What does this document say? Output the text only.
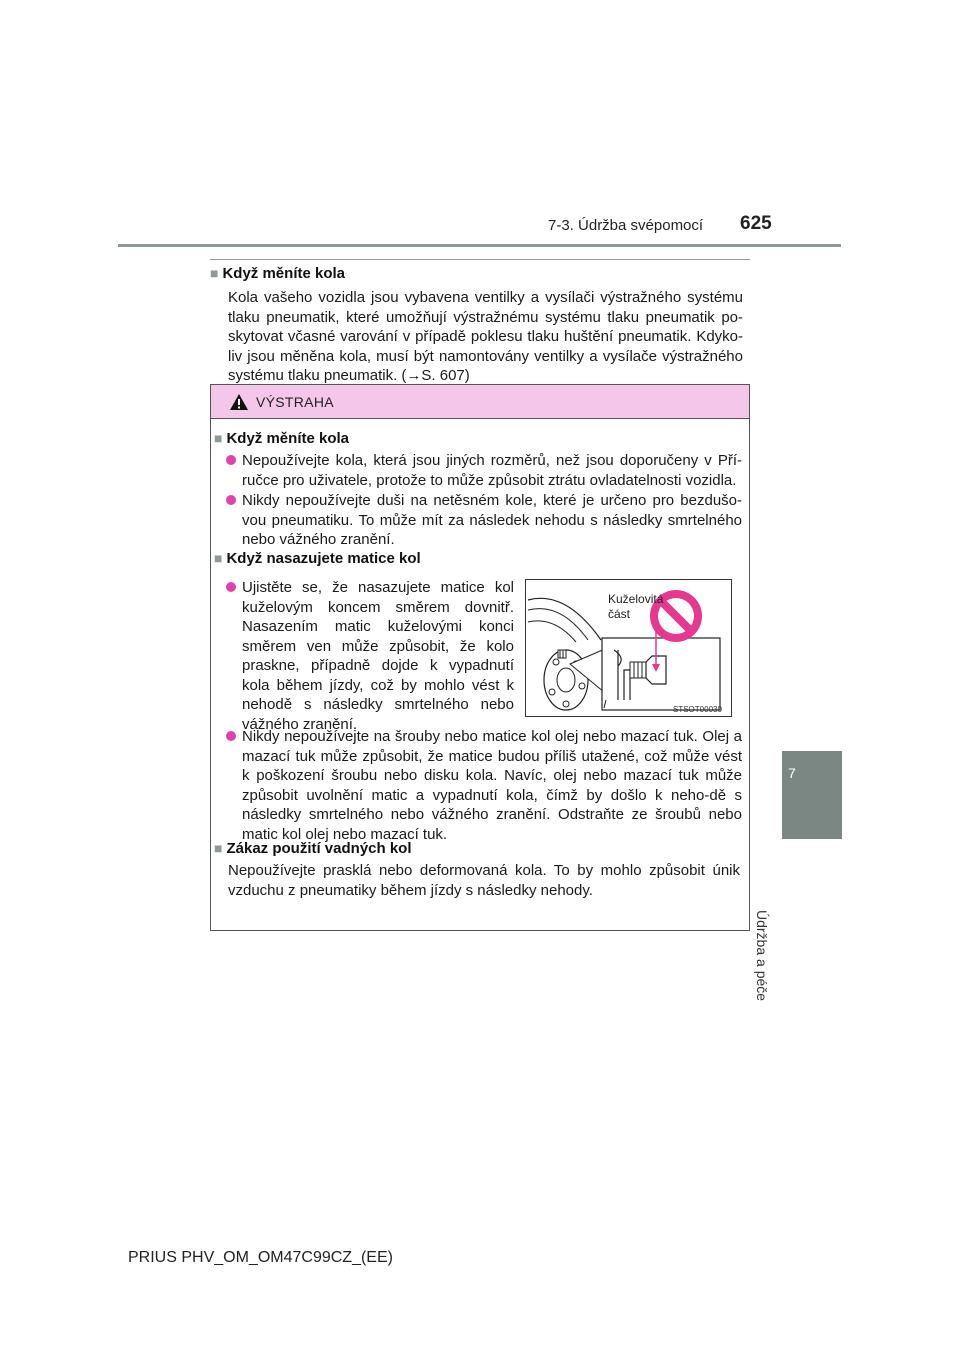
7-3. Údržba svépomocí 625
7
Údržba a péče
■ Když měníte kola
Kola vašeho vozidla jsou vybavena ventilky a vysílači výstražného systému tlaku pneumatik, které umožňují výstražnému systému tlaku pneumatik po-skytovat včasné varování v případě poklesu tlaku huštění pneumatik. Kdyko-liv jsou měněna kola, musí být namontovány ventilky a vysílače výstražného systému tlaku pneumatik. (→S. 607)
VÝSTRAHA
■ Když měníte kola
Nepoužívejte kola, která jsou jiných rozměrů, než jsou doporučeny v Pří-ručce pro uživatele, protože to může způsobit ztrátu ovladatelnosti vozidla.
Nikdy nepoužívejte duši na netěsném kole, které je určeno pro bezdušo-vou pneumatiku. To může mít za následek nehodu s následky smrtelného nebo vážného zranění.
■ Když nasazujete matice kol
Ujistěte se, že nasazujete matice kol kuželovým koncem směrem dovnitř. Nasazením matic kuželovými konci směrem ven může způsobit, že kolo praskne, případně dojde k vypadnutí kola během jízdy, což by mohlo vést k nehodě s následky smrtelného nebo vážného zranění.
Kuželovitá část
STSOT00030
Nikdy nepoužívejte na šrouby nebo matice kol olej nebo mazací tuk. Olej a mazací tuk může způsobit, že matice budou příliš utažené, což může vést k poškození šroubu nebo disku kola. Navíc, olej nebo mazací tuk může způsobit uvolnění matic a vypadnutí kola, čímž by došlo k neho-dě s následky smrtelného nebo vážného zranění. Odstraňte ze šroubů nebo matic kol olej nebo mazací tuk.
■ Zákaz použití vadných kol
Nepoužívejte prasklá nebo deformovaná kola. To by mohlo způsobit únik vzduchu z pneumatiky během jízdy s následky nehody.
PRIUS PHV_OM_OM47C99CZ_(EE)
